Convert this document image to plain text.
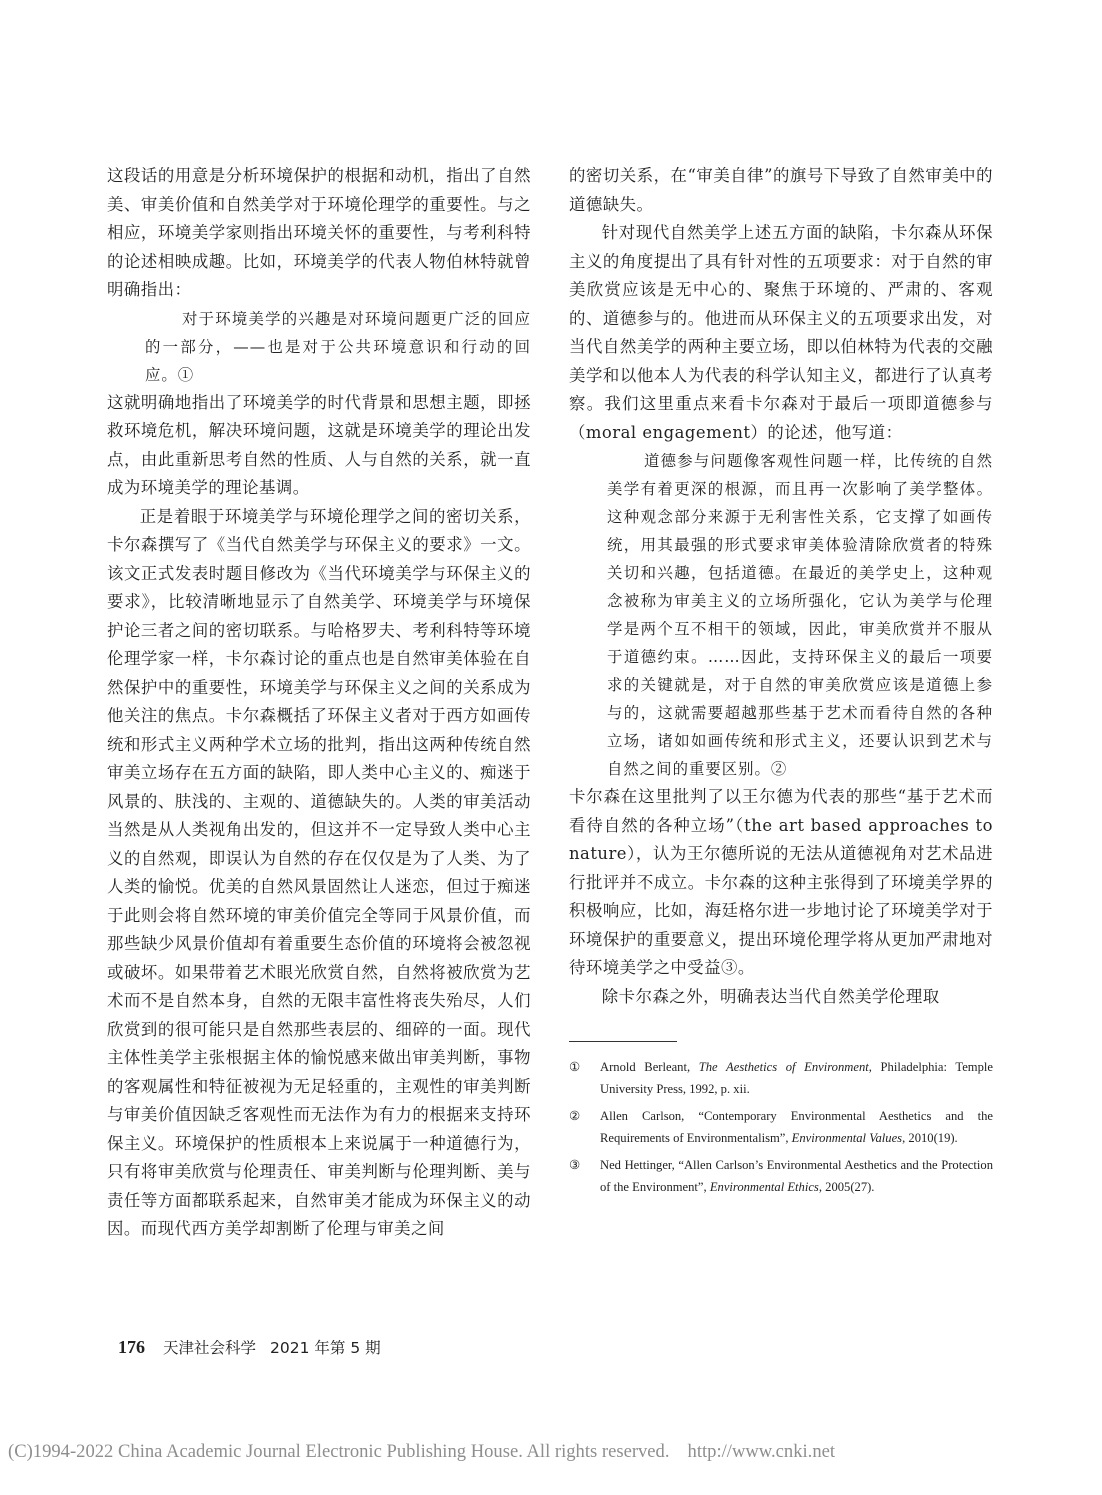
这段话的用意是分析环境保护的根据和动机，指出了自然美、审美价值和自然美学对于环境伦理学的重要性。与之相应，环境美学家则指出环境关怀的重要性，与考利科特的论述相映成趣。比如，环境美学的代表人物伯林特就曾明确指出：

对于环境美学的兴趣是对环境问题更广泛的回应的一部分，——也是对于公共环境意识和行动的回应。①

这就明确地指出了环境美学的时代背景和思想主题，即拯救环境危机，解决环境问题，这就是环境美学的理论出发点，由此重新思考自然的性质、人与自然的关系，就一直成为环境美学的理论基调。

正是着眼于环境美学与环境伦理学之间的密切关系，卡尔森撰写了《当代自然美学与环保主义的要求》一文。该文正式发表时题目修改为《当代环境美学与环保主义的要求》，比较清晰地显示了自然美学、环境美学与环境保护论三者之间的密切联系。与哈格罗夫、考利科特等环境伦理学家一样，卡尔森讨论的重点也是自然审美体验在自然保护中的重要性，环境美学与环保主义之间的关系成为他关注的焦点。卡尔森概括了环保主义者对于西方如画传统和形式主义两种学术立场的批判，指出这两种传统自然审美立场存在五方面的缺陷，即人类中心主义的、痴迷于风景的、肤浅的、主观的、道德缺失的。人类的审美活动当然是从人类视角出发的，但这并不一定导致人类中心主义的自然观，即误认为自然的存在仅仅是为了人类、为了人类的愉悦。优美的自然风景固然让人迷恋，但过于痴迷于此则会将自然环境的审美价值完全等同于风景价值，而那些缺少风景价值却有着重要生态价值的环境将会被忽视或破坏。如果带着艺术眼光欣赏自然，自然将被欣赏为艺术而不是自然本身，自然的无限丰富性将丧失殆尽，人们欣赏到的很可能只是自然那些表层的、细碎的一面。现代主体性美学主张根据主体的愉悦感来做出审美判断，事物的客观属性和特征被视为无足轻重的，主观性的审美判断与审美价值因缺乏客观性而无法作为有力的根据来支持环保主义。环境保护的性质根本上来说属于一种道德行为，只有将审美欣赏与伦理责任、审美判断与伦理判断、美与责任等方面都联系起来，自然审美才能成为环保主义的动因。而现代西方美学却割断了伦理与审美之间

的密切关系，在“审美自律”的旗号下导致了自然审美中的道德缺失。

针对现代自然美学上述五方面的缺陷，卡尔森从环保主义的角度提出了具有针对性的五项要求：对于自然的审美欣赏应该是无中心的、聚焦于环境的、严肃的、客观的、道德参与的。他进而从环保主义的五项要求出发，对当代自然美学的两种主要立场，即以伯林特为代表的交融美学和以他本人为代表的科学认知主义，都进行了认真考察。我们这里重点来看卡尔森对于最后一项即道德参与（moral engagement）的论述，他写道：

道德参与问题像客观性问题一样，比传统的自然美学有着更深的根源，而且再一次影响了美学整体。这种观念部分来源于无利害性关系，它支撑了如画传统，用其最强的形式要求审美体验清除欣赏者的特殊关切和兴趣，包括道德。在最近的美学史上，这种观念被称为审美主义的立场所强化，它认为美学与伦理学是两个互不相干的领域，因此，审美欣赏并不服从于道德约束。……因此，支持环保主义的最后一项要求的关键就是，对于自然的审美欣赏应该是道德上参与的，这就需要超越那些基于艺术而看待自然的各种立场，诸如如画传统和形式主义，还要认识到艺术与自然之间的重要区别。②

卡尔森在这里批判了以王尔德为代表的那些“基于艺术而看待自然的各种立场”（the art based approaches to nature），认为王尔德所说的无法从道德视角对艺术品进行批评并不成立。卡尔森的这种主张得到了环境美学界的积极响应，比如，海廷格尔进一步地讨论了环境美学对于环境保护的重要意义，提出环境伦理学将从更加严肃地对待环境美学之中受益③。

除卡尔森之外，明确表达当代自然美学伦理取

① Arnold Berleant, The Aesthetics of Environment, Philadelphia: Temple University Press, 1992, p. xii.

② Allen Carlson, “Contemporary Environmental Aesthetics and the Requirements of Environmentalism”, Environmental Values, 2010(19).

③ Ned Hettinger, “Allen Carlson’s Environmental Aesthetics and the Protection of the Environment”, Environmental Ethics, 2005(27).

176 天津社会科学 2021 年第 5 期
(C)1994-2022 China Academic Journal Electronic Publishing House. All rights reserved. http://www.cnki.net
